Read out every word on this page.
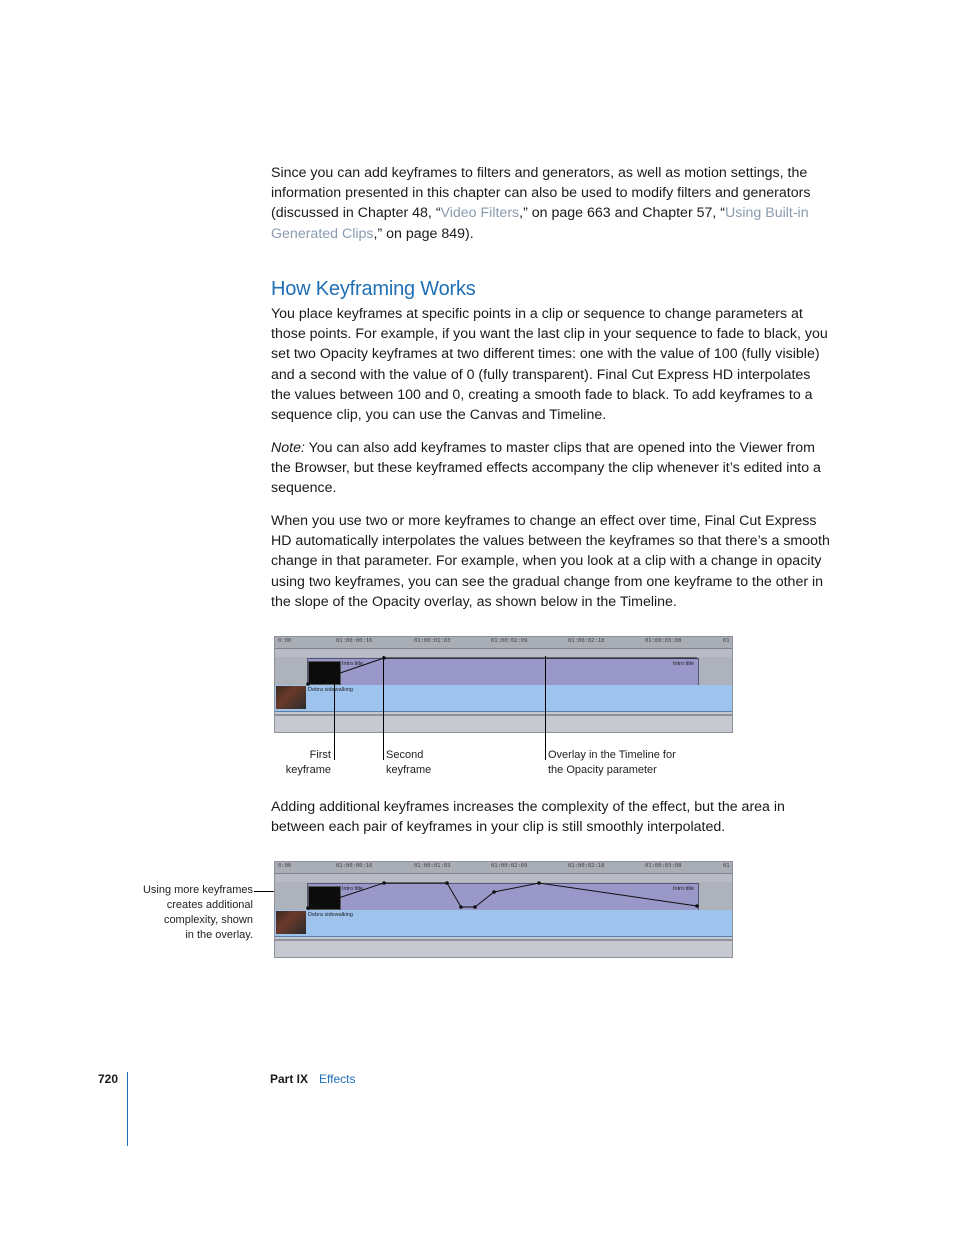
Since you can add keyframes to filters and generators, as well as motion settings, the information presented in this chapter can also be used to modify filters and generators (discussed in Chapter 48, “Video Filters,” on page 663 and Chapter 57, “Using Built-in Generated Clips,” on page 849).

How Keyframing Works

You place keyframes at specific points in a clip or sequence to change parameters at those points. For example, if you want the last clip in your sequence to fade to black, you set two Opacity keyframes at two different times: one with the value of 100 (fully visible) and a second with the value of 0 (fully transparent). Final Cut Express HD interpolates the values between 100 and 0, creating a smooth fade to black. To add keyframes to a sequence clip, you can use the Canvas and Timeline.

Note: You can also add keyframes to master clips that are opened into the Viewer from the Browser, but these keyframed effects accompany the clip whenever it’s edited into a sequence.

When you use two or more keyframes to change an effect over time, Final Cut Express HD automatically interpolates the values between the keyframes so that there’s a smooth change in that parameter. For example, when you look at a clip with a change in opacity using two keyframes, you can see the gradual change from one keyframe to the other in the slope of the Opacity overlay, as shown below in the Timeline.

0:00	01:00:00:16	01:00:01:03	01:00:02:09	01:00:02:18	01:00:03:08	01
Intro title	Intro title
Debra sidewalking
First
keyframe
Second
keyframe
Overlay in the Timeline for
the Opacity parameter

Adding additional keyframes increases the complexity of the effect, but the area in between each pair of keyframes in your clip is still smoothly interpolated.

0:00	01:00:00:16	01:00:01:03	01:00:02:09	01:00:02:18	01:00:03:08	01
Intro title	Intro title
Debra sidewalking
Using more keyframes
creates additional
complexity, shown
in the overlay.
720	Part IX Effects
